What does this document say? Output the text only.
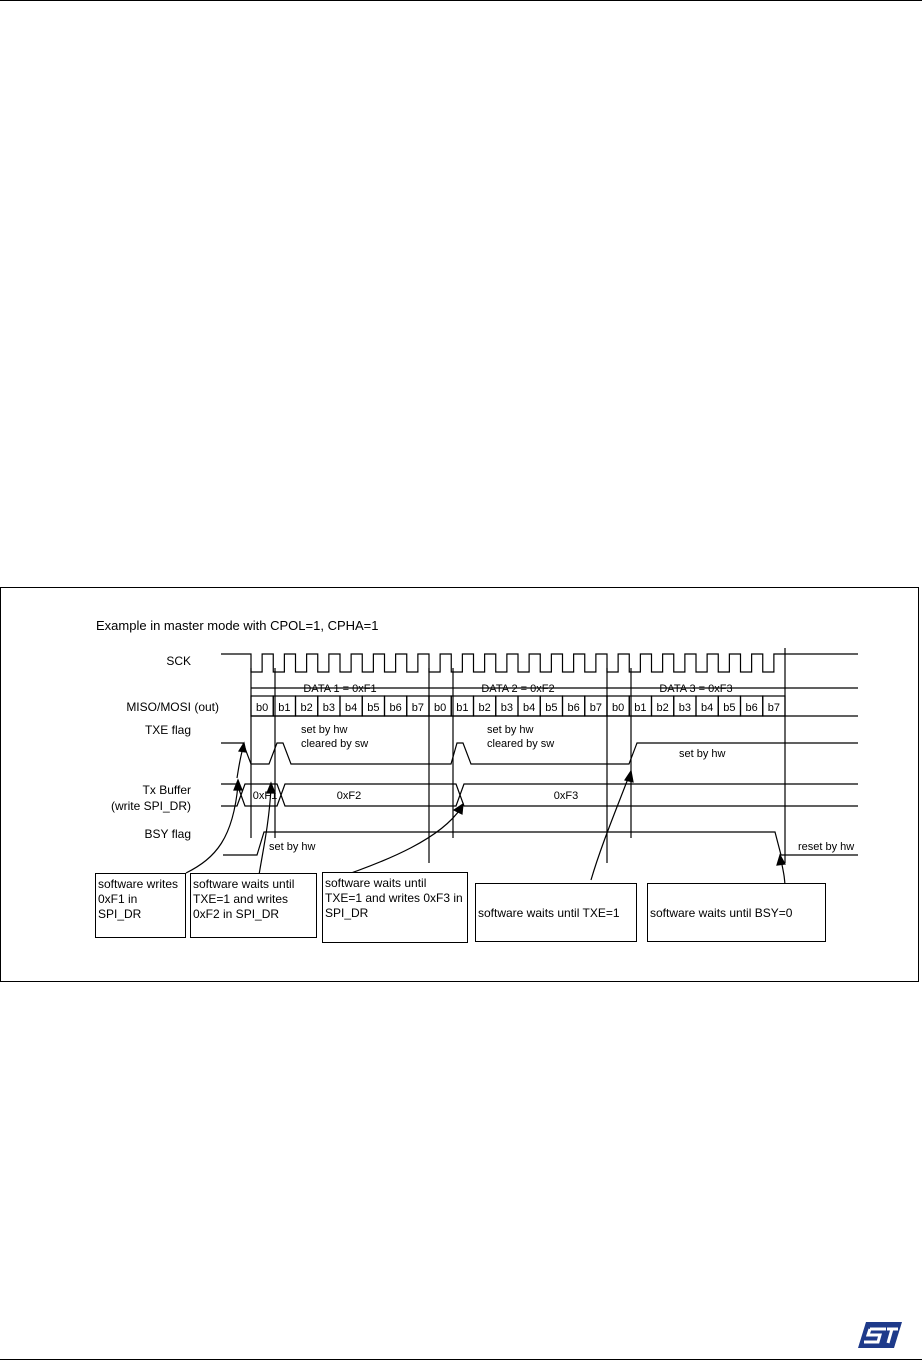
Example in master mode with CPOL=1, CPHA=1
SCK
MISO/MOSI (out)
TXE flag
Tx Buffer
(write SPI_DR)
BSY flag
set by hw
cleared by sw
set by hw
cleared by sw
set by hw
0xF1	0xF2	0xF3
set by hw	reset by hw
b0 b1 b2 b3 b4 b5 b6 b7 b0 b1 b2 b3 b4 b5 b6 b7 b0 b1 b2 b3 b4 b5 b6 b7
DATA 1 = 0xF1	DATA 2 = 0xF2	DATA 3 = 0xF3
software writes 0xF1 in SPI_DR
software waits until TXE=1 and writes 0xF2 in SPI_DR
software waits until TXE=1 and writes 0xF3 in SPI_DR	software waits until TXE=1	software waits until BSY=0
